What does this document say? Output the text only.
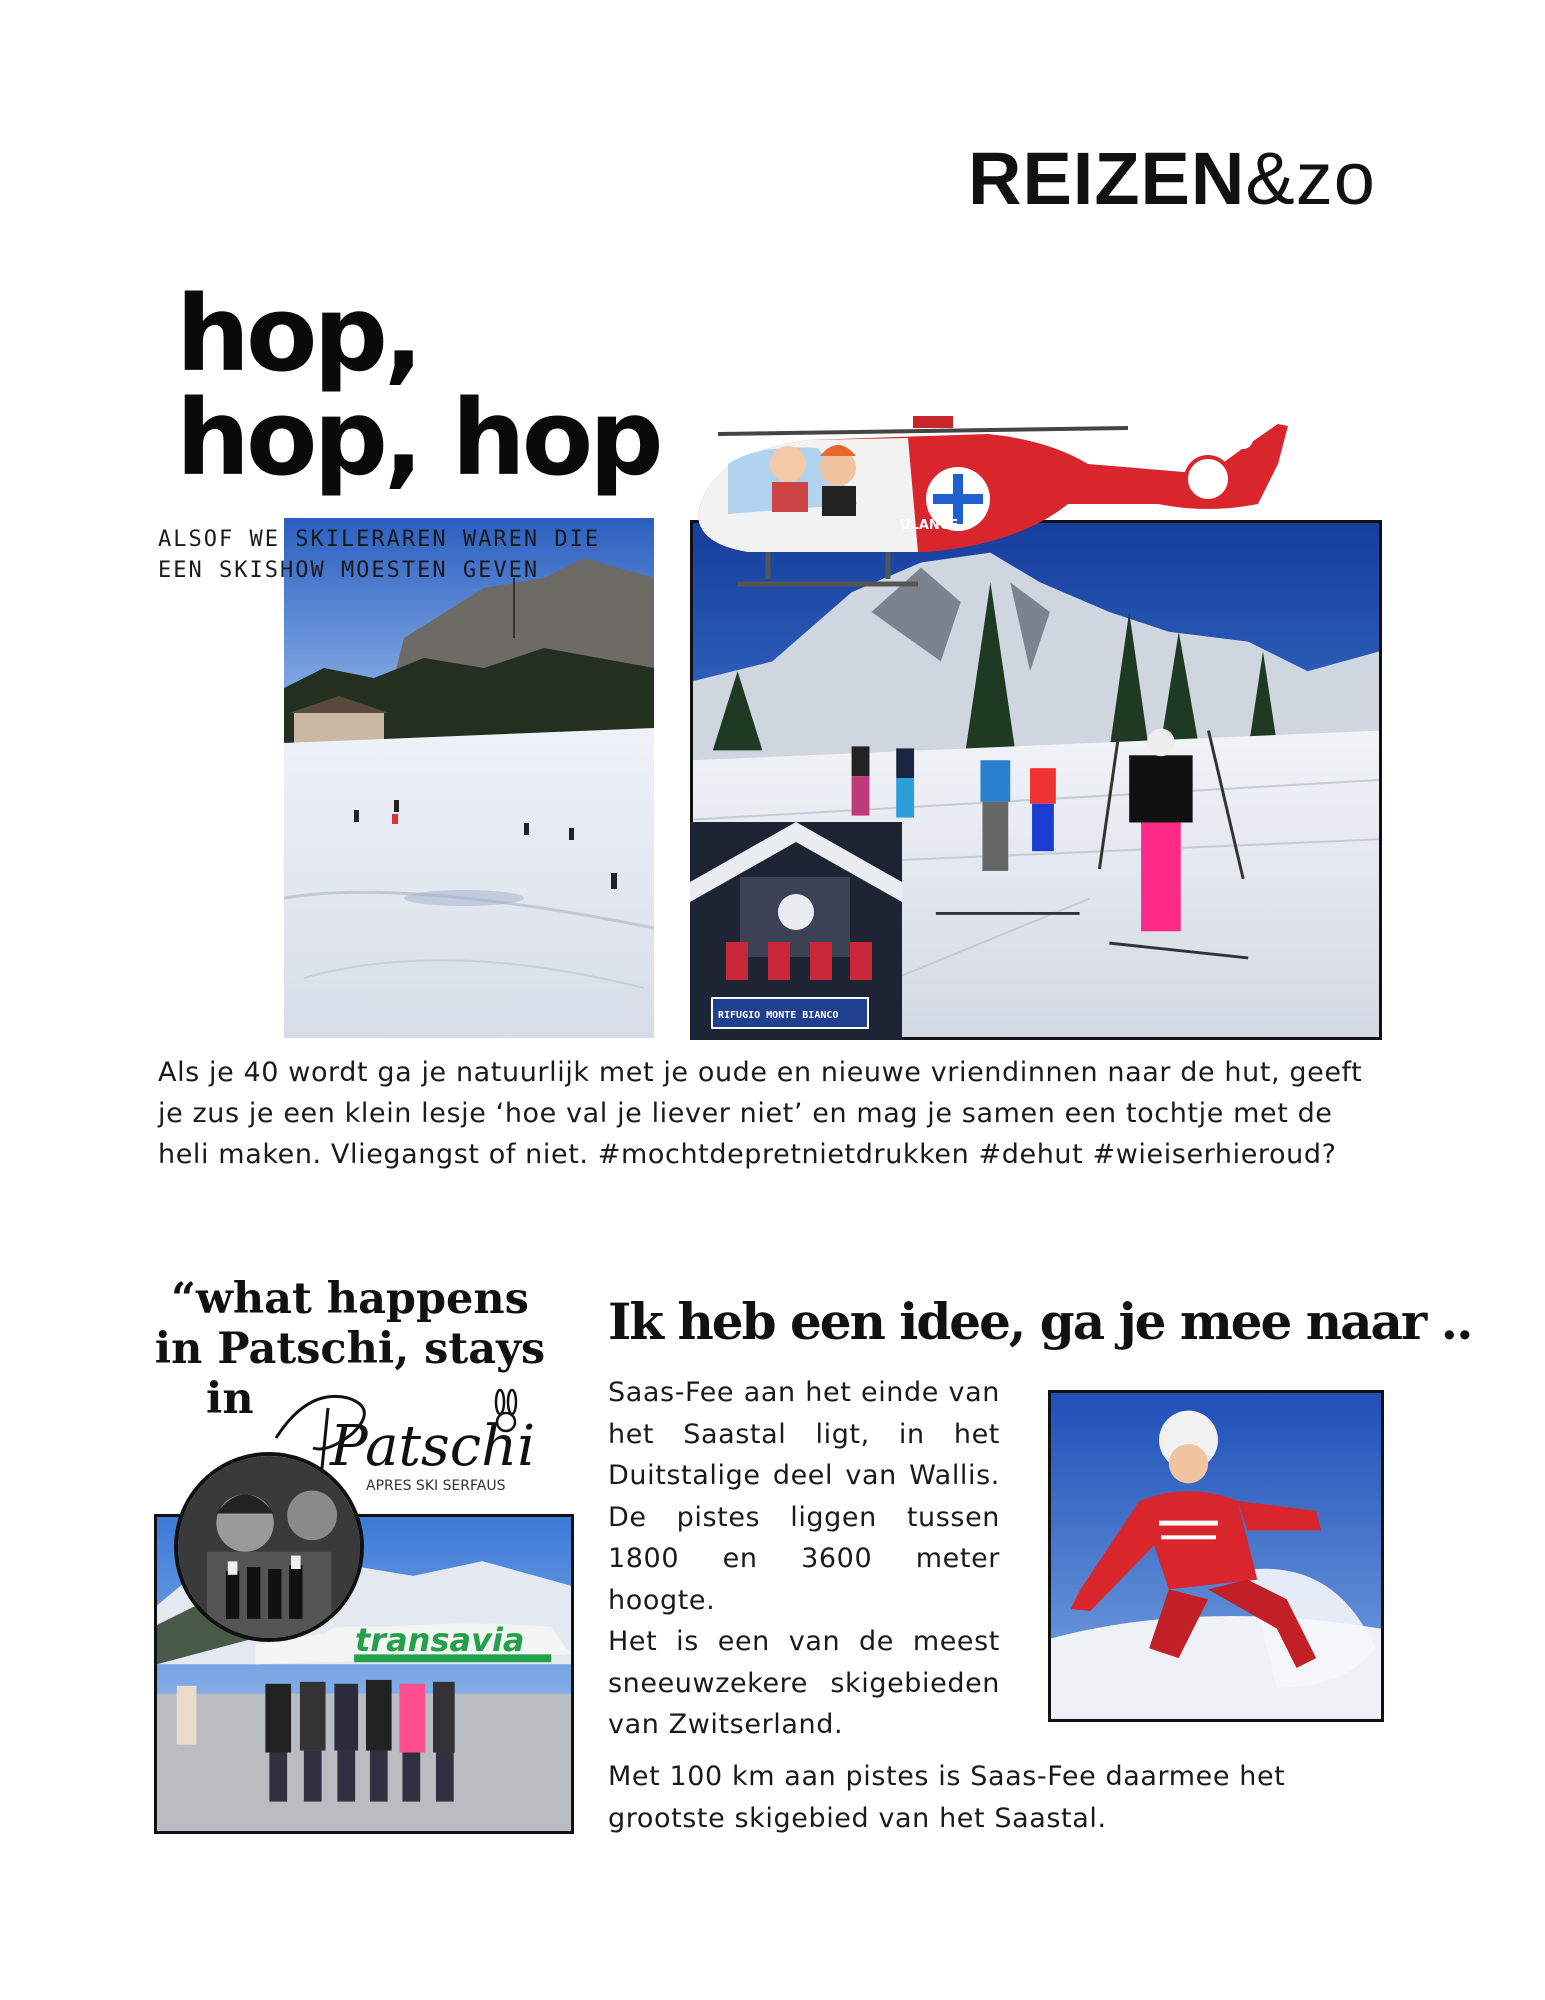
REIZEN&zo
hop,
hop, hop
RIFUGIO MONTE BIANCO
ULANCE
ALSOF WE SKILERAREN WAREN DIE
EEN SKISHOW MOESTEN GEVEN
Als je 40 wordt ga je natuurlijk met je oude en nieuwe vriendinnen naar de hut, geeft je zus je een klein lesje ‘hoe val je liever niet’ en mag je samen een tochtje met de heli maken. Vliegangst of niet. #mochtdepretnietdrukken #dehut #wieiserhieroud?
“what happens
in Patschi, stays
in
Patschi
APRES SKI SERFAUS
transavia
Ik heb een idee, ga je mee naar ..

Saas-Fee aan het einde van het Saastal ligt, in het Duitstalige deel van Wallis. De pistes liggen tussen 1800 en 3600 meter hoogte.

Het is een van de meest sneeuwzekere skigebieden van Zwitserland.

Met 100 km aan pistes is Saas-Fee daarmee het grootste skigebied van het Saastal.
